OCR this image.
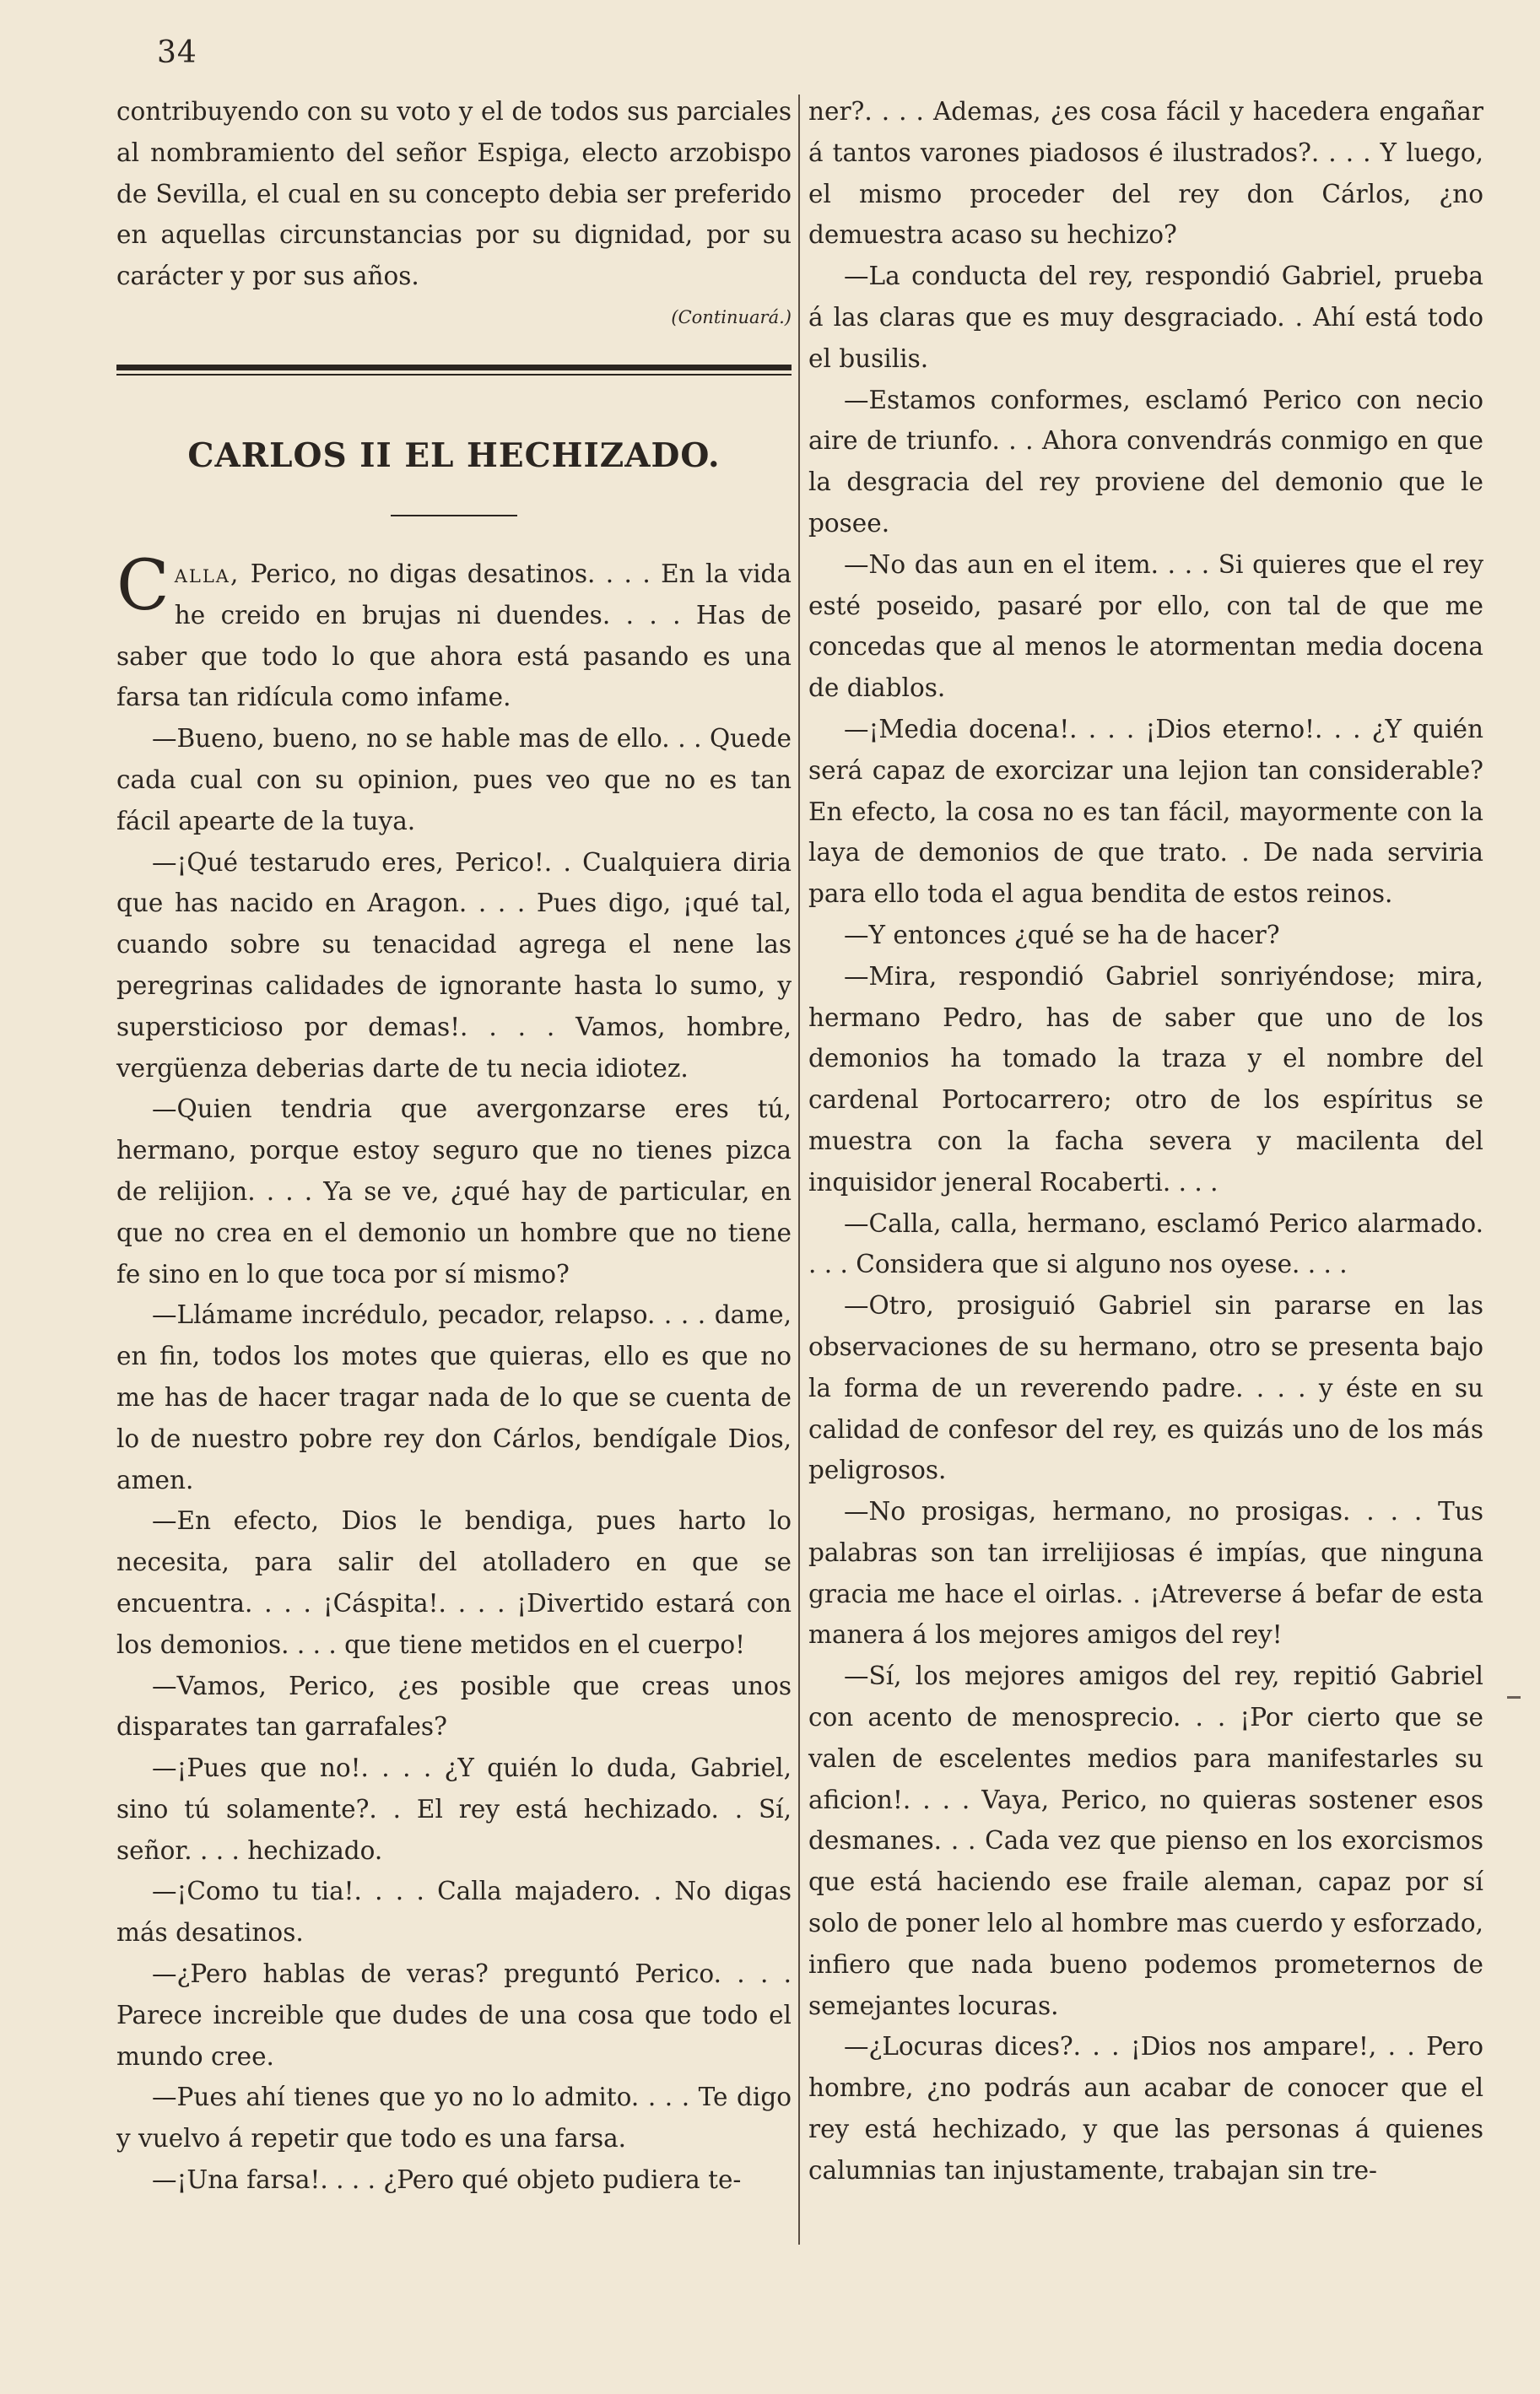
34

contribuyendo con su voto y el de todos sus parciales al nombramiento del señor Espiga, electo arzobispo de Sevilla, el cual en su concepto debia ser preferido en aquellas circunstancias por su dignidad, por su carácter y por sus años.

(Continuará.)

CARLOS II EL HECHIZADO.

Calla, Perico, no digas desatinos. . . . En la vida he creido en brujas ni duendes. . . . Has de saber que todo lo que ahora está pasando es una farsa tan ridícula como infame.

—Bueno, bueno, no se hable mas de ello. . . Quede cada cual con su opinion, pues veo que no es tan fácil apearte de la tuya.

—¡Qué testarudo eres, Perico!. . Cualquiera diria que has nacido en Aragon. . . . Pues digo, ¡qué tal, cuando sobre su tenacidad agrega el nene las peregrinas calidades de ignorante hasta lo sumo, y supersticioso por demas!. . . . Vamos, hombre, vergüenza deberias darte de tu necia idiotez.

—Quien tendria que avergonzarse eres tú, hermano, porque estoy seguro que no tienes pizca de relijion. . . . Ya se ve, ¿qué hay de particular, en que no crea en el demonio un hombre que no tiene fe sino en lo que toca por sí mismo?

—Llámame incrédulo, pecador, relapso. . . . dame, en fin, todos los motes que quieras, ello es que no me has de hacer tragar nada de lo que se cuenta de lo de nuestro pobre rey don Cárlos, bendígale Dios, amen.

—En efecto, Dios le bendiga, pues harto lo necesita, para salir del atolladero en que se encuentra. . . . ¡Cáspita!. . . . ¡Divertido estará con los demonios. . . . que tiene metidos en el cuerpo!

—Vamos, Perico, ¿es posible que creas unos disparates tan garrafales?

—¡Pues que no!. . . . ¿Y quién lo duda, Gabriel, sino tú solamente?. . El rey está hechizado. . Sí, señor. . . . hechizado.

—¡Como tu tia!. . . . Calla majadero. . No digas más desatinos.

—¿Pero hablas de veras? preguntó Perico. . . . Parece increible que dudes de una cosa que todo el mundo cree.

—Pues ahí tienes que yo no lo admito. . . . Te digo y vuelvo á repetir que todo es una farsa.

—¡Una farsa!. . . . ¿Pero qué objeto pudiera te-

ner?. . . . Ademas, ¿es cosa fácil y hacedera engañar á tantos varones piadosos é ilustrados?. . . . Y luego, el mismo proceder del rey don Cárlos, ¿no demuestra acaso su hechizo?

—La conducta del rey, respondió Gabriel, prueba á las claras que es muy desgraciado. . Ahí está todo el busilis.

—Estamos conformes, esclamó Perico con necio aire de triunfo. . . Ahora convendrás conmigo en que la desgracia del rey proviene del demonio que le posee.

—No das aun en el item. . . . Si quieres que el rey esté poseido, pasaré por ello, con tal de que me concedas que al menos le atormentan media docena de diablos.

—¡Media docena!. . . . ¡Dios eterno!. . . ¿Y quién será capaz de exorcizar una lejion tan considerable? En efecto, la cosa no es tan fácil, mayormente con la laya de demonios de que trato. . De nada serviria para ello toda el agua bendita de estos reinos.

—Y entonces ¿qué se ha de hacer?

—Mira, respondió Gabriel sonriyéndose; mira, hermano Pedro, has de saber que uno de los demonios ha tomado la traza y el nombre del cardenal Portocarrero; otro de los espíritus se muestra con la facha severa y macilenta del inquisidor jeneral Rocaberti. . . .

—Calla, calla, hermano, esclamó Perico alarmado. . . . Considera que si alguno nos oyese. . . .

—Otro, prosiguió Gabriel sin pararse en las observaciones de su hermano, otro se presenta bajo la forma de un reverendo padre. . . . y éste en su calidad de confesor del rey, es quizás uno de los más peligrosos.

—No prosigas, hermano, no prosigas. . . . Tus palabras son tan irrelijiosas é impías, que ninguna gracia me hace el oirlas. . ¡Atreverse á befar de esta manera á los mejores amigos del rey!

—Sí, los mejores amigos del rey, repitió Gabriel con acento de menosprecio. . . ¡Por cierto que se valen de escelentes medios para manifestarles su aficion!. . . . Vaya, Perico, no quieras sostener esos desmanes. . . Cada vez que pienso en los exorcismos que está haciendo ese fraile aleman, capaz por sí solo de poner lelo al hombre mas cuerdo y esforzado, infiero que nada bueno podemos prometernos de semejantes locuras.

—¿Locuras dices?. . . ¡Dios nos ampare!, . . Pero hombre, ¿no podrás aun acabar de conocer que el rey está hechizado, y que las personas á quienes calumnias tan injustamente, trabajan sin tre-
